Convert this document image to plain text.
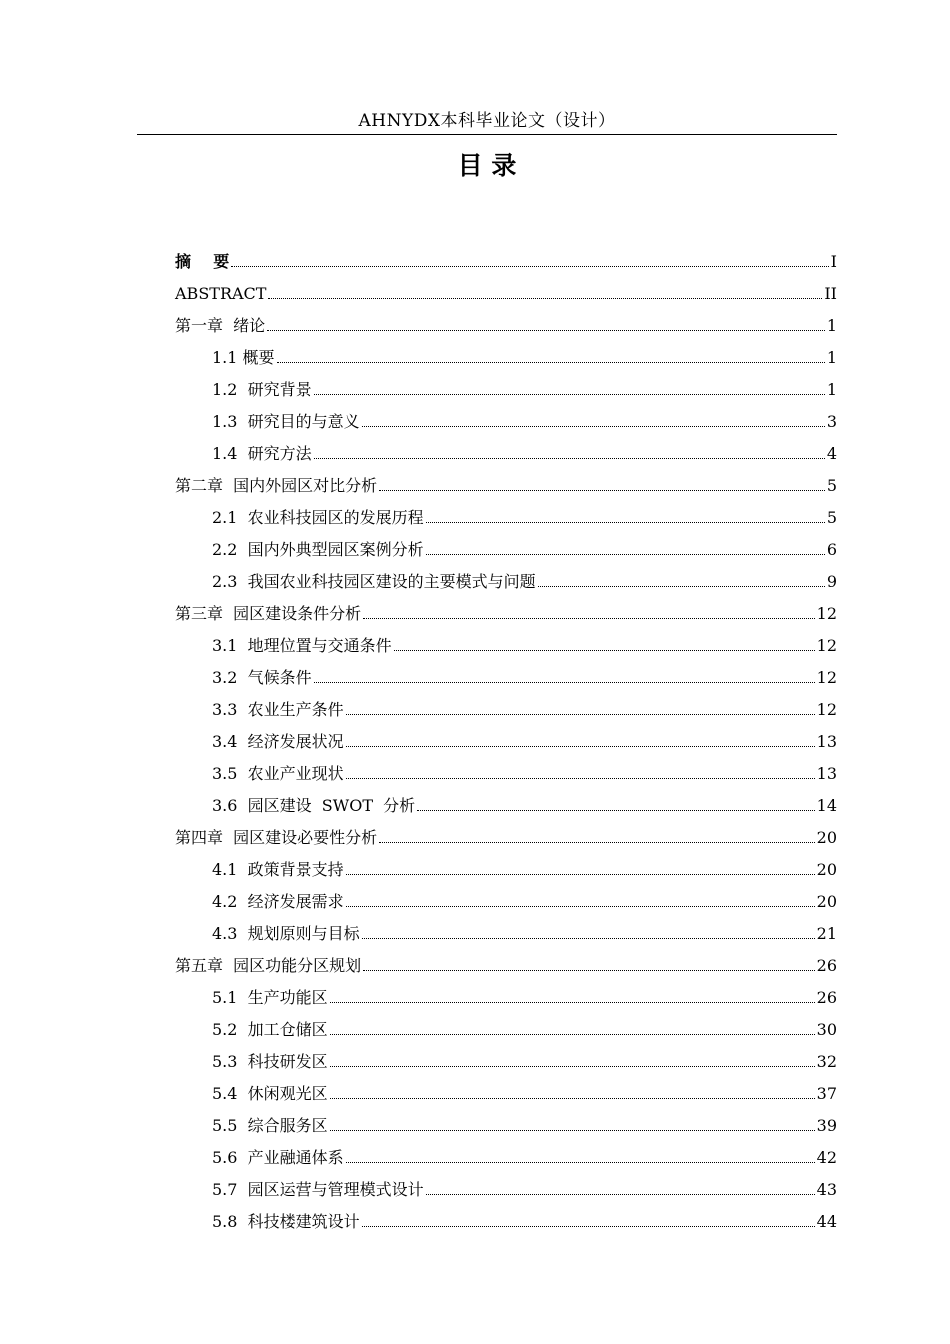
AHNYDX本科毕业论文（设计）
目 录
摘    要	I
ABSTRACT	II
第一章  绪论	1
1.1 概要	1
1.2  研究背景	1
1.3  研究目的与意义	3
1.4  研究方法	4
第二章  国内外园区对比分析	5
2.1  农业科技园区的发展历程	5
2.2  国内外典型园区案例分析	6
2.3  我国农业科技园区建设的主要模式与问题	9
第三章  园区建设条件分析	12
3.1  地理位置与交通条件	12
3.2  气候条件	12
3.3  农业生产条件	12
3.4  经济发展状况	13
3.5  农业产业现状	13
3.6  园区建设  SWOT  分析	14
第四章  园区建设必要性分析	20
4.1  政策背景支持	20
4.2  经济发展需求	20
4.3  规划原则与目标	21
第五章  园区功能分区规划	26
5.1  生产功能区	26
5.2  加工仓储区	30
5.3  科技研发区	32
5.4  休闲观光区	37
5.5  综合服务区	39
5.6  产业融通体系	42
5.7  园区运营与管理模式设计	43
5.8  科技楼建筑设计	44
